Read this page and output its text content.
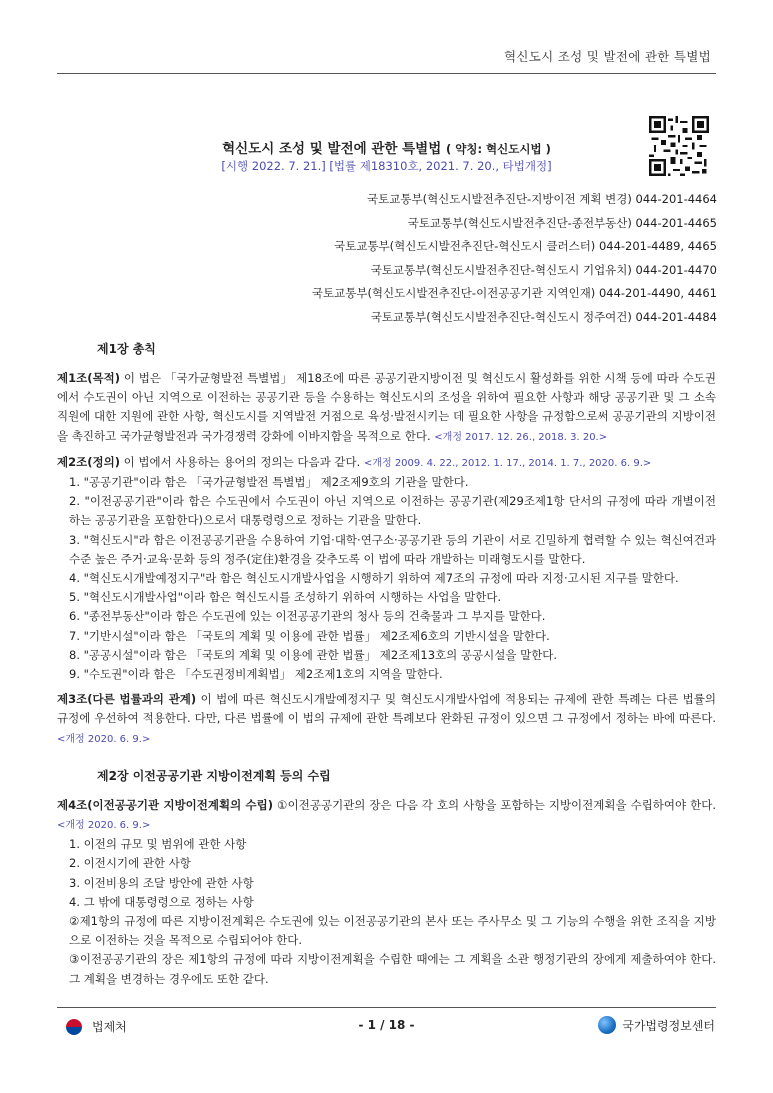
혁신도시 조성 및 발전에 관한 특별법
혁신도시 조성 및 발전에 관한 특별법 ( 약칭: 혁신도시법 )
[시행 2022. 7. 21.] [법률 제18310호, 2021. 7. 20., 타법개정]
국토교통부(혁신도시발전추진단-지방이전 계획 변경) 044-201-4464
국토교통부(혁신도시발전추진단-종전부동산) 044-201-4465
국토교통부(혁신도시발전추진단-혁신도시 클러스터) 044-201-4489, 4465
국토교통부(혁신도시발전추진단-혁신도시 기업유치) 044-201-4470
국토교통부(혁신도시발전추진단-이전공공기관 지역인재) 044-201-4490, 4461
국토교통부(혁신도시발전추진단-혁신도시 정주여건) 044-201-4484
제1장 총칙
제1조(목적) 이 법은 「국가균형발전 특별법」 제18조에 따른 공공기관지방이전 및 혁신도시 활성화를 위한 시책 등에 따라 수도권에서 수도권이 아닌 지역으로 이전하는 공공기관 등을 수용하는 혁신도시의 조성을 위하여 필요한 사항과 해당 공공기관 및 그 소속 직원에 대한 지원에 관한 사항, 혁신도시를 지역발전 거점으로 육성·발전시키는 데 필요한 사항을 규정함으로써 공공기관의 지방이전을 촉진하고 국가균형발전과 국가경쟁력 강화에 이바지함을 목적으로 한다. <개정 2017. 12. 26., 2018. 3. 20.>
제2조(정의) 이 법에서 사용하는 용어의 정의는 다음과 같다. <개정 2009. 4. 22., 2012. 1. 17., 2014. 1. 7., 2020. 6. 9.>
1. "공공기관"이라 함은 「국가균형발전 특별법」 제2조제9호의 기관을 말한다.
2. "이전공공기관"이라 함은 수도권에서 수도권이 아닌 지역으로 이전하는 공공기관(제29조제1항 단서의 규정에 따라 개별이전하는 공공기관을 포함한다)으로서 대통령령으로 정하는 기관을 말한다.
3. "혁신도시"라 함은 이전공공기관을 수용하여 기업·대학·연구소·공공기관 등의 기관이 서로 긴밀하게 협력할 수 있는 혁신여건과 수준 높은 주거·교육·문화 등의 정주(定住)환경을 갖추도록 이 법에 따라 개발하는 미래형도시를 말한다.
4. "혁신도시개발예정지구"라 함은 혁신도시개발사업을 시행하기 위하여 제7조의 규정에 따라 지정·고시된 지구를 말한다.
5. "혁신도시개발사업"이라 함은 혁신도시를 조성하기 위하여 시행하는 사업을 말한다.
6. "종전부동산"이라 함은 수도권에 있는 이전공공기관의 청사 등의 건축물과 그 부지를 말한다.
7. "기반시설"이라 함은 「국토의 계획 및 이용에 관한 법률」 제2조제6호의 기반시설을 말한다.
8. "공공시설"이라 함은 「국토의 계획 및 이용에 관한 법률」 제2조제13호의 공공시설을 말한다.
9. "수도권"이라 함은 「수도권정비계획법」 제2조제1호의 지역을 말한다.
제3조(다른 법률과의 관계) 이 법에 따른 혁신도시개발예정지구 및 혁신도시개발사업에 적용되는 규제에 관한 특례는 다른 법률의 규정에 우선하여 적용한다. 다만, 다른 법률에 이 법의 규제에 관한 특례보다 완화된 규정이 있으면 그 규정에서 정하는 바에 따른다. <개정 2020. 6. 9.>
제2장 이전공공기관 지방이전계획 등의 수립
제4조(이전공공기관 지방이전계획의 수립) ①이전공공기관의 장은 다음 각 호의 사항을 포함하는 지방이전계획을 수립하여야 한다. <개정 2020. 6. 9.>
1. 이전의 규모 및 범위에 관한 사항
2. 이전시기에 관한 사항
3. 이전비용의 조달 방안에 관한 사항
4. 그 밖에 대통령령으로 정하는 사항
②제1항의 규정에 따른 지방이전계획은 수도권에 있는 이전공공기관의 본사 또는 주사무소 및 그 기능의 수행을 위한 조직을 지방으로 이전하는 것을 목적으로 수립되어야 한다.
③이전공공기관의 장은 제1항의 규정에 따라 지방이전계획을 수립한 때에는 그 계획을 소관 행정기관의 장에게 제출하여야 한다. 그 계획을 변경하는 경우에도 또한 같다.
법제처	- 1 / 18 -	국가법령정보센터
